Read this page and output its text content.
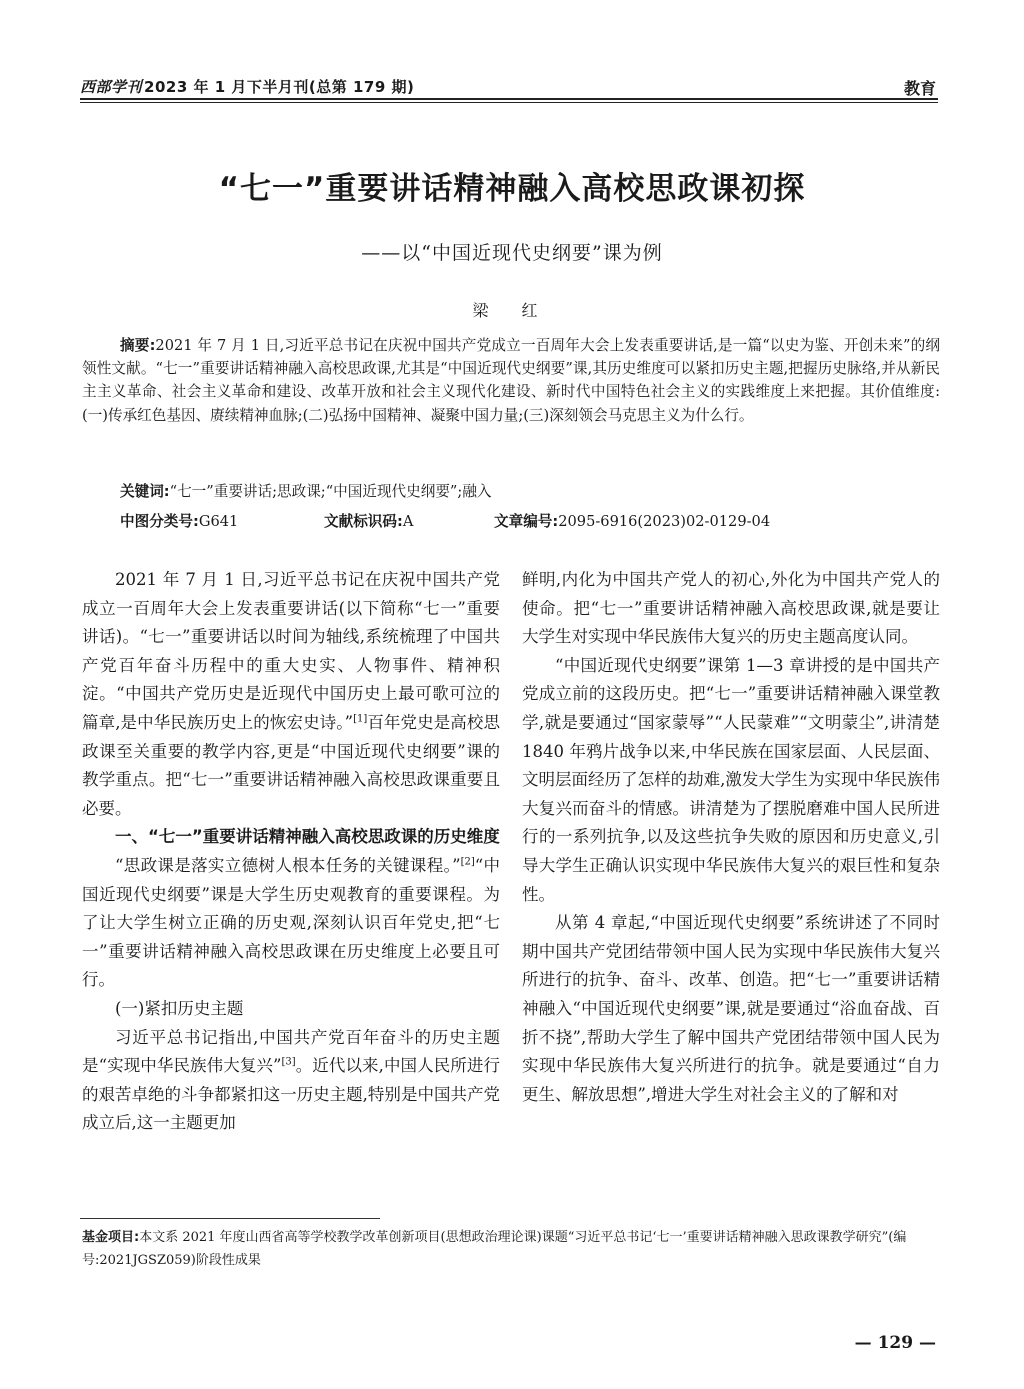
西部学刊 2023 年 1 月下半月刊(总第 179 期)	教育
“七一”重要讲话精神融入高校思政课初探
——以“中国近现代史纲要”课为例
梁 红
摘要:2021 年 7 月 1 日,习近平总书记在庆祝中国共产党成立一百周年大会上发表重要讲话,是一篇“以史为鉴、开创未来”的纲领性文献。“七一”重要讲话精神融入高校思政课,尤其是“中国近现代史纲要”课,其历史维度可以紧扣历史主题,把握历史脉络,并从新民主主义革命、社会主义革命和建设、改革开放和社会主义现代化建设、新时代中国特色社会主义的实践维度上来把握。其价值维度:(一)传承红色基因、赓续精神血脉;(二)弘扬中国精神、凝聚中国力量;(三)深刻领会马克思主义为什么行。
关键词:“七一”重要讲话;思政课;“中国近现代史纲要”;融入
中图分类号:G641	文献标识码:A	文章编号:2095-6916(2023)02-0129-04

2021 年 7 月 1 日,习近平总书记在庆祝中国共产党成立一百周年大会上发表重要讲话(以下简称“七一”重要讲话)。“七一”重要讲话以时间为轴线,系统梳理了中国共产党百年奋斗历程中的重大史实、人物事件、精神积淀。“中国共产党历史是近现代中国历史上最可歌可泣的篇章,是中华民族历史上的恢宏史诗。”[1]百年党史是高校思政课至关重要的教学内容,更是“中国近现代史纲要”课的教学重点。把“七一”重要讲话精神融入高校思政课重要且必要。

一、“七一”重要讲话精神融入高校思政课的历史维度

“思政课是落实立德树人根本任务的关键课程。”[2]“中国近现代史纲要”课是大学生历史观教育的重要课程。为了让大学生树立正确的历史观,深刻认识百年党史,把“七一”重要讲话精神融入高校思政课在历史维度上必要且可行。

(一)紧扣历史主题

习近平总书记指出,中国共产党百年奋斗的历史主题是“实现中华民族伟大复兴”[3]。近代以来,中国人民所进行的艰苦卓绝的斗争都紧扣这一历史主题,特别是中国共产党成立后,这一主题更加

鲜明,内化为中国共产党人的初心,外化为中国共产党人的使命。把“七一”重要讲话精神融入高校思政课,就是要让大学生对实现中华民族伟大复兴的历史主题高度认同。

“中国近现代史纲要”课第 1—3 章讲授的是中国共产党成立前的这段历史。把“七一”重要讲话精神融入课堂教学,就是要通过“国家蒙辱”“人民蒙难”“文明蒙尘”,讲清楚 1840 年鸦片战争以来,中华民族在国家层面、人民层面、文明层面经历了怎样的劫难,激发大学生为实现中华民族伟大复兴而奋斗的情感。讲清楚为了摆脱磨难中国人民所进行的一系列抗争,以及这些抗争失败的原因和历史意义,引导大学生正确认识实现中华民族伟大复兴的艰巨性和复杂性。

从第 4 章起,“中国近现代史纲要”系统讲述了不同时期中国共产党团结带领中国人民为实现中华民族伟大复兴所进行的抗争、奋斗、改革、创造。把“七一”重要讲话精神融入“中国近现代史纲要”课,就是要通过“浴血奋战、百折不挠”,帮助大学生了解中国共产党团结带领中国人民为实现中华民族伟大复兴所进行的抗争。就是要通过“自力更生、解放思想”,增进大学生对社会主义的了解和对

基金项目:本文系 2021 年度山西省高等学校教学改革创新项目(思想政治理论课)课题“习近平总书记‘七一’重要讲话精神融入思政课教学研究”(编号:2021JGSZ059)阶段性成果
— 129 —
